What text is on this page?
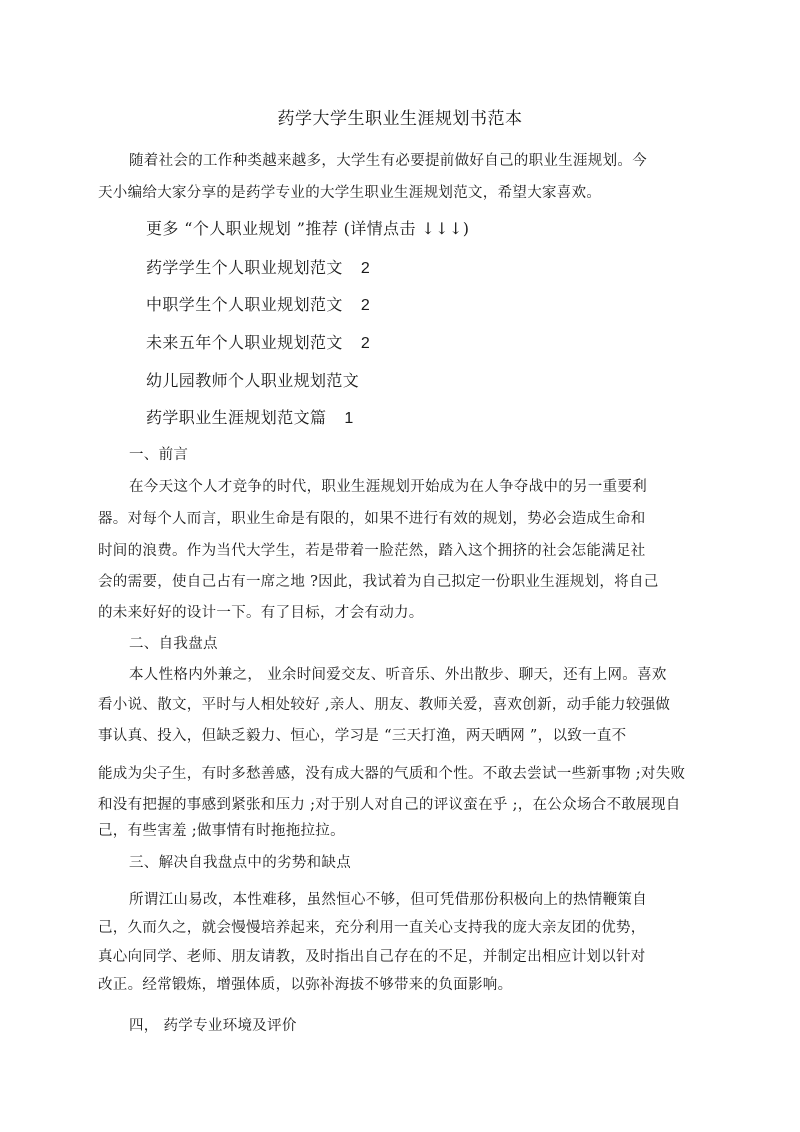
药学大学生职业生涯规划书范本
随着社会的工作种类越来越多，大学生有必要提前做好自己的职业生涯规划。今
天小编给大家分享的是药学专业的大学生职业生涯规划范文，希望大家喜欢。
更多 “个人职业规划 ”推荐 (详情点击 ↓↓↓)
药学学生个人职业规划范文 2
中职学生个人职业规划范文 2
未来五年个人职业规划范文 2
幼儿园教师个人职业规划范文
药学职业生涯规划范文篇 1
一、前言
在今天这个人才竞争的时代，职业生涯规划开始成为在人争夺战中的另一重要利
器。对每个人而言，职业生命是有限的，如果不进行有效的规划，势必会造成生命和
时间的浪费。作为当代大学生，若是带着一脸茫然，踏入这个拥挤的社会怎能满足社
会的需要，使自己占有一席之地 ?因此，我试着为自己拟定一份职业生涯规划，将自己
的未来好好的设计一下。有了目标，才会有动力。
二、自我盘点
本人性格内外兼之， 业余时间爱交友、听音乐、外出散步、聊天，还有上网。喜欢
看小说、散文，平时与人相处较好 ,亲人、朋友、教师关爱，喜欢创新，动手能力较强做
事认真、投入，但缺乏毅力、恒心，学习是 “三天打渔，两天晒网 ”，以致一直不
能成为尖子生，有时多愁善感，没有成大器的气质和个性。不敢去尝试一些新事物 ;对失败
和没有把握的事感到紧张和压力 ;对于别人对自己的评议蛮在乎 ;，在公众场合不敢展现自
己，有些害羞 ;做事情有时拖拖拉拉。
三、解决自我盘点中的劣势和缺点
所谓江山易改，本性难移，虽然恒心不够，但可凭借那份积极向上的热情鞭策自
己，久而久之，就会慢慢培养起来，充分利用一直关心支持我的庞大亲友团的优势，
真心向同学、老师、朋友请教，及时指出自己存在的不足，并制定出相应计划以针对
改正。经常锻炼，增强体质，以弥补海拔不够带来的负面影响。
四， 药学专业环境及评价
